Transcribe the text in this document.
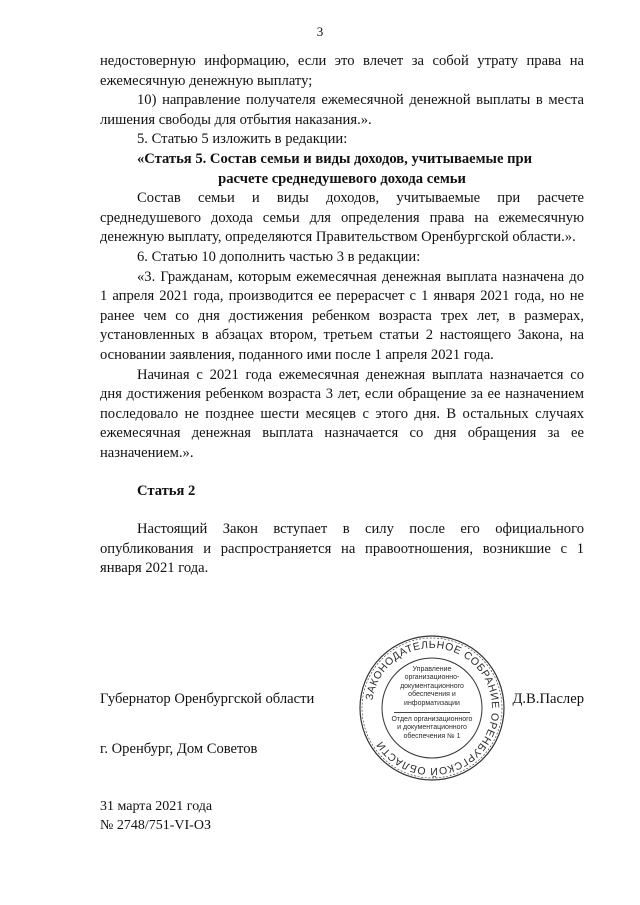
3

недостоверную информацию, если это влечет за собой утрату права на ежемесячную денежную выплату;

10) направление получателя ежемесячной денежной выплаты в места лишения свободы для отбытия наказания.».

5. Статью 5 изложить в редакции:

«Статья 5. Состав семьи и виды доходов, учитываемые при

расчете среднедушевого дохода семьи

Состав семьи и виды доходов, учитываемые при расчете среднедушевого дохода семьи для определения права на ежемесячную денежную выплату, определяются Правительством Оренбургской области.».

6. Статью 10 дополнить частью 3 в редакции:

«3. Гражданам, которым ежемесячная денежная выплата назначена до 1 апреля 2021 года, производится ее перерасчет с 1 января 2021 года, но не ранее чем со дня достижения ребенком возраста трех лет, в размерах, установленных в абзацах втором, третьем статьи 2 настоящего Закона, на основании заявления, поданного ими после 1 апреля 2021 года.

Начиная с 2021 года ежемесячная денежная выплата назначается со дня достижения ребенком возраста 3 лет, если обращение за ее назначением последовало не позднее шести месяцев с этого дня. В остальных случаях ежемесячная денежная выплата назначается со дня обращения за ее назначением.».

Статья 2

Настоящий Закон вступает в силу после его официального опубликования и распространяется на правоотношения, возникшие с 1 января 2021 года.

ЗАКОНОДАТЕЛЬНОЕ СОБРАНИЕ ОРЕНБУРГСКОЙ ОБЛАСТИ
Управление организационно-документационного обеспечения и информатизации
Отдел организационного и документационного обеспечения № 1
Губернатор Оренбургской области	Д.В.Паслер
г. Оренбург, Дом Советов
31 марта 2021 года
№ 2748/751-VI-ОЗ
